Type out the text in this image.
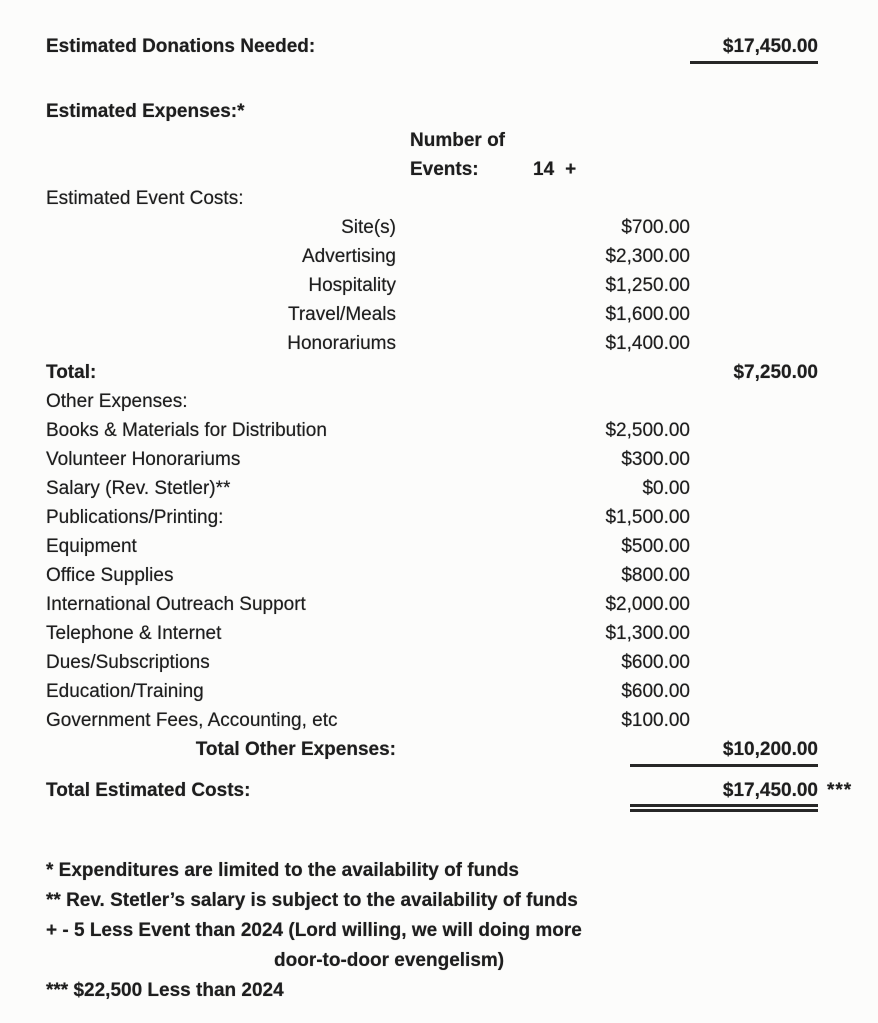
Estimated Donations Needed:	$17,450.00
Estimated Expenses:*
Number of
Events:	14 +
Estimated Event Costs:
Site(s)	$700.00
Advertising	$2,300.00
Hospitality	$1,250.00
Travel/Meals	$1,600.00
Honorariums	$1,400.00
Total:	$7,250.00
Other Expenses:
Books & Materials for Distribution	$2,500.00
Volunteer Honorariums	$300.00
Salary (Rev. Stetler)**	$0.00
Publications/Printing:	$1,500.00
Equipment	$500.00
Office Supplies	$800.00
International Outreach Support	$2,000.00
Telephone & Internet	$1,300.00
Dues/Subscriptions	$600.00
Education/Training	$600.00
Government Fees, Accounting, etc	$100.00
Total Other Expenses:	$10,200.00
Total Estimated Costs:	$17,450.00 ***
* Expenditures are limited to the availability of funds
** Rev. Stetler’s salary is subject to the availability of funds
+ - 5 Less Event than 2024 (Lord willing, we will doing more
door-to-door evengelism)
*** $22,500 Less than 2024
